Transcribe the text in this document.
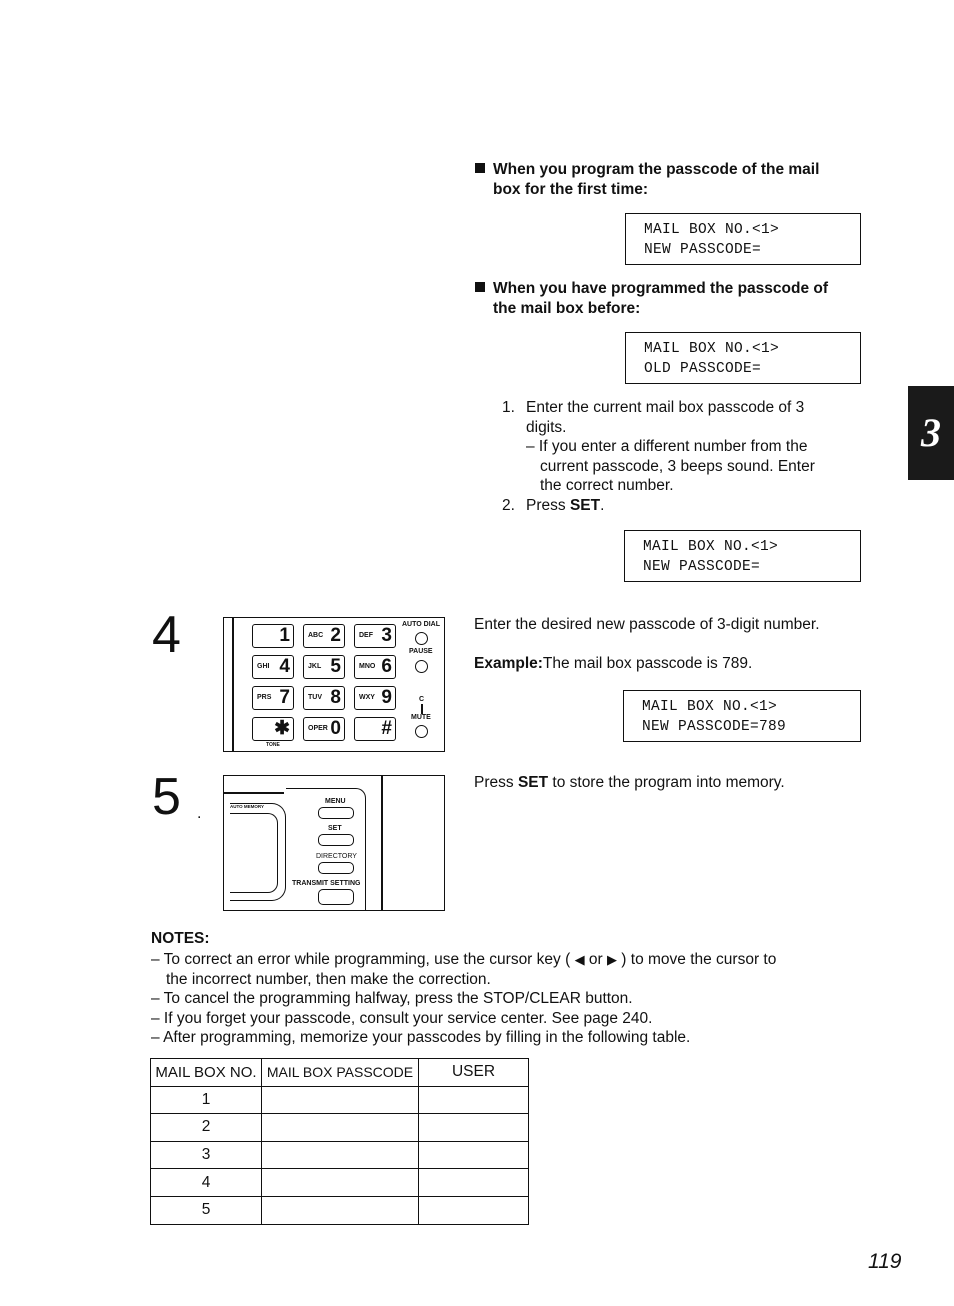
When you program the passcode of the mail
box for the first time:
MAIL BOX NO.<1>
NEW PASSCODE=
When you have programmed the passcode of
the mail box before:
MAIL BOX NO.<1>
OLD PASSCODE=
1. Enter the current mail box passcode of 3
digits.
– If you enter a different number from the
current passcode, 3 beeps sound. Enter
the correct number.
2. Press SET.
MAIL BOX NO.<1>
NEW PASSCODE=
4	1	ABC 2	DEF 3
GHI 4	JKL 5	MNO 6
PRS 7	TUV 8	WXY 9
✱	OPER 0 #
AUTO DIAL
PAUSE
C
MUTE
TONE
Enter the desired new passcode of 3-digit number.
Example:The mail box passcode is 789.
MAIL BOX NO.<1>
NEW PASSCODE=789
5 .	AUTO MEMORY
MENU
SET
DIRECTORY
TRANSMIT SETTING
Press SET to store the program into memory.
NOTES:
– To correct an error while programming, use the cursor key ( ◀ or ▶ ) to move the cursor to
the incorrect number, then make the correction.
– To cancel the programming halfway, press the STOP/CLEAR button.
– If you forget your passcode, consult your service center. See page 240.
– After programming, memorize your passcodes by filling in the following table.
MAIL BOX NO.	MAIL BOX PASSCODE	USER
1		
2		
3		
4		
5		
3
119
